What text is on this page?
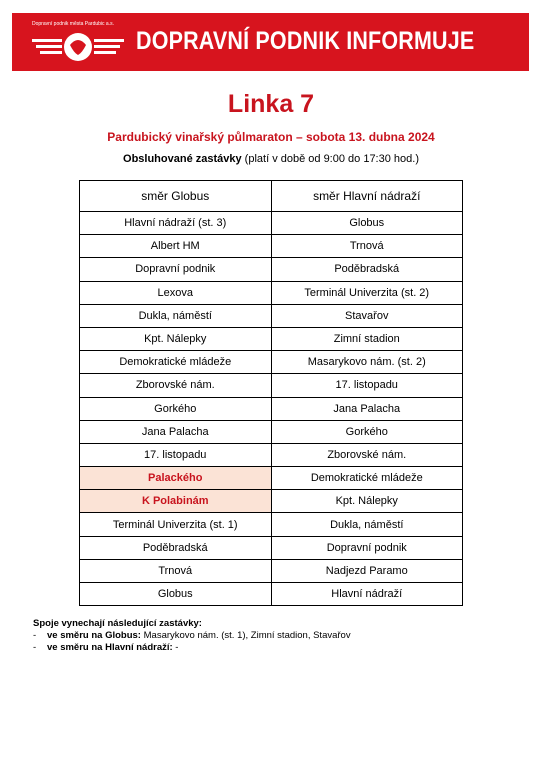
Dopravní podnik města Pardubic a.s.
DOPRAVNÍ PODNIK INFORMUJE
Linka 7
Pardubický vinařský půlmaraton – sobota 13. dubna 2024
Obsluhované zastávky (platí v době od 9:00 do 17:30 hod.)
směr Globus	směr Hlavní nádraží
Hlavní nádraží (st. 3)	Globus
Albert HM	Trnová
Dopravní podnik	Poděbradská
Lexova	Terminál Univerzita (st. 2)
Dukla, náměstí	Stavařov
Kpt. Nálepky	Zimní stadion
Demokratické mládeže	Masarykovo nám. (st. 2)
Zborovské nám.	17. listopadu
Gorkého	Jana Palacha
Jana Palacha	Gorkého
17. listopadu	Zborovské nám.
Palackého	Demokratické mládeže
K Polabinám	Kpt. Nálepky
Terminál Univerzita (st. 1)	Dukla, náměstí
Poděbradská	Dopravní podnik
Trnová	Nadjezd Paramo
Globus	Hlavní nádraží
Spoje vynechají následující zastávky:
-	ve směru na Globus: Masarykovo nám. (st. 1), Zimní stadion, Stavařov
-	ve směru na Hlavní nádraží: -
